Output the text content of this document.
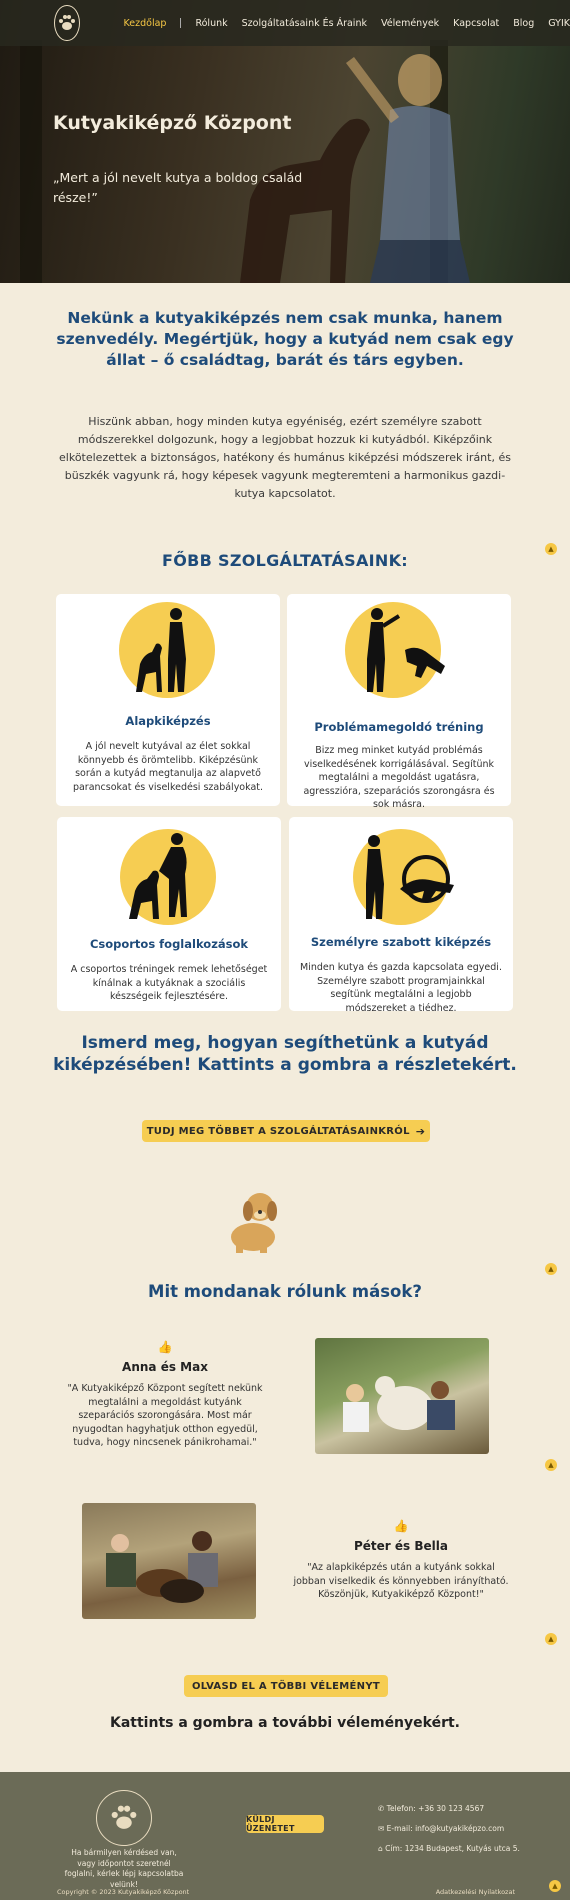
Kutyakiképző Központ

„Mert a jól nevelt kutya a boldog család része!”

Kezdőlap	Rólunk Szolgáltatásaink És Áraink Vélemények Kapcsolat Blog GYIK
Nekünk a kutyakiképzés nem csak munka, hanem szenvedély. Megértjük, hogy a kutyád nem csak egy állat – ő családtag, barát és társ egyben.

Hiszünk abban, hogy minden kutya egyéniség, ezért személyre szabott módszerekkel dolgozunk, hogy a legjobbat hozzuk ki kutyádból. Kiképzőink elkötelezettek a biztonságos, hatékony és humánus kiképzési módszerek iránt, és büszkék vagyunk rá, hogy képesek vagyunk megteremteni a harmonikus gazdi-kutya kapcsolatot.

▲
FŐBB SZOLGÁLTATÁSAINK:
Alapkiképzés

A jól nevelt kutyával az élet sokkal könnyebb és örömtelibb. Kiképzésünk során a kutyád megtanulja az alapvető parancsokat és viselkedési szabályokat.

Problémamegoldó tréning

Bizz meg minket kutyád problémás viselkedésének korrigálásával. Segítünk megtaláIni a megoldást ugatásra, agresszióra, szeparációs szorongásra és sok másra.

Csoportos foglalkozások

A csoportos tréningek remek lehetőséget kínálnak a kutyáknak a szociális készségeik fejlesztésére.

Személyre szabott kiképzés

Minden kutya és gazda kapcsolata egyedi. Személyre szabott programjainkkal segítünk megtaláIni a legjobb módszereket a tiédhez.

Ismerd meg, hogyan segíthetünk a kutyád kiképzésében! Kattints a gombra a részletekért.
TUDJ MEG TÖBBET A SZOLGÁLTATÁSAINKRÓL ➔
▲
Mit mondanak rólunk mások?
👍
Anna és Max

"A Kutyakiképző Központ segített nekünk megtaláIni a megoldást kutyánk szeparációs szorongására. Most már nyugodtan hagyhatjuk otthon egyedül, tudva, hogy nincsenek pánikrohamai."

▲
👍
Péter és Bella

"Az alapkiképzés után a kutyánk sokkal jobban viselkedik és könnyebben irányítható. Köszönjük, Kutyakiképző Központ!"

▲
OLVASD EL A TÖBBI VÉLEMÉNYT

Kattints a gombra a további véleményekért.

Ha bármilyen kérdésed van, vagy időpontot szeretnél foglalni, kérlek lépj kapcsolatba velünk!

KÜLDJ ÜZENETET
✆ Telefon: +36 30 123 4567
✉ E-mail: info@kutyakiképzo.com
⌂ Cím: 1234 Budapest, Kutyás utca 5.
Copyright © 2023 Kutyakiképző Központ	Adatkezelési Nyilatkozat
▲
